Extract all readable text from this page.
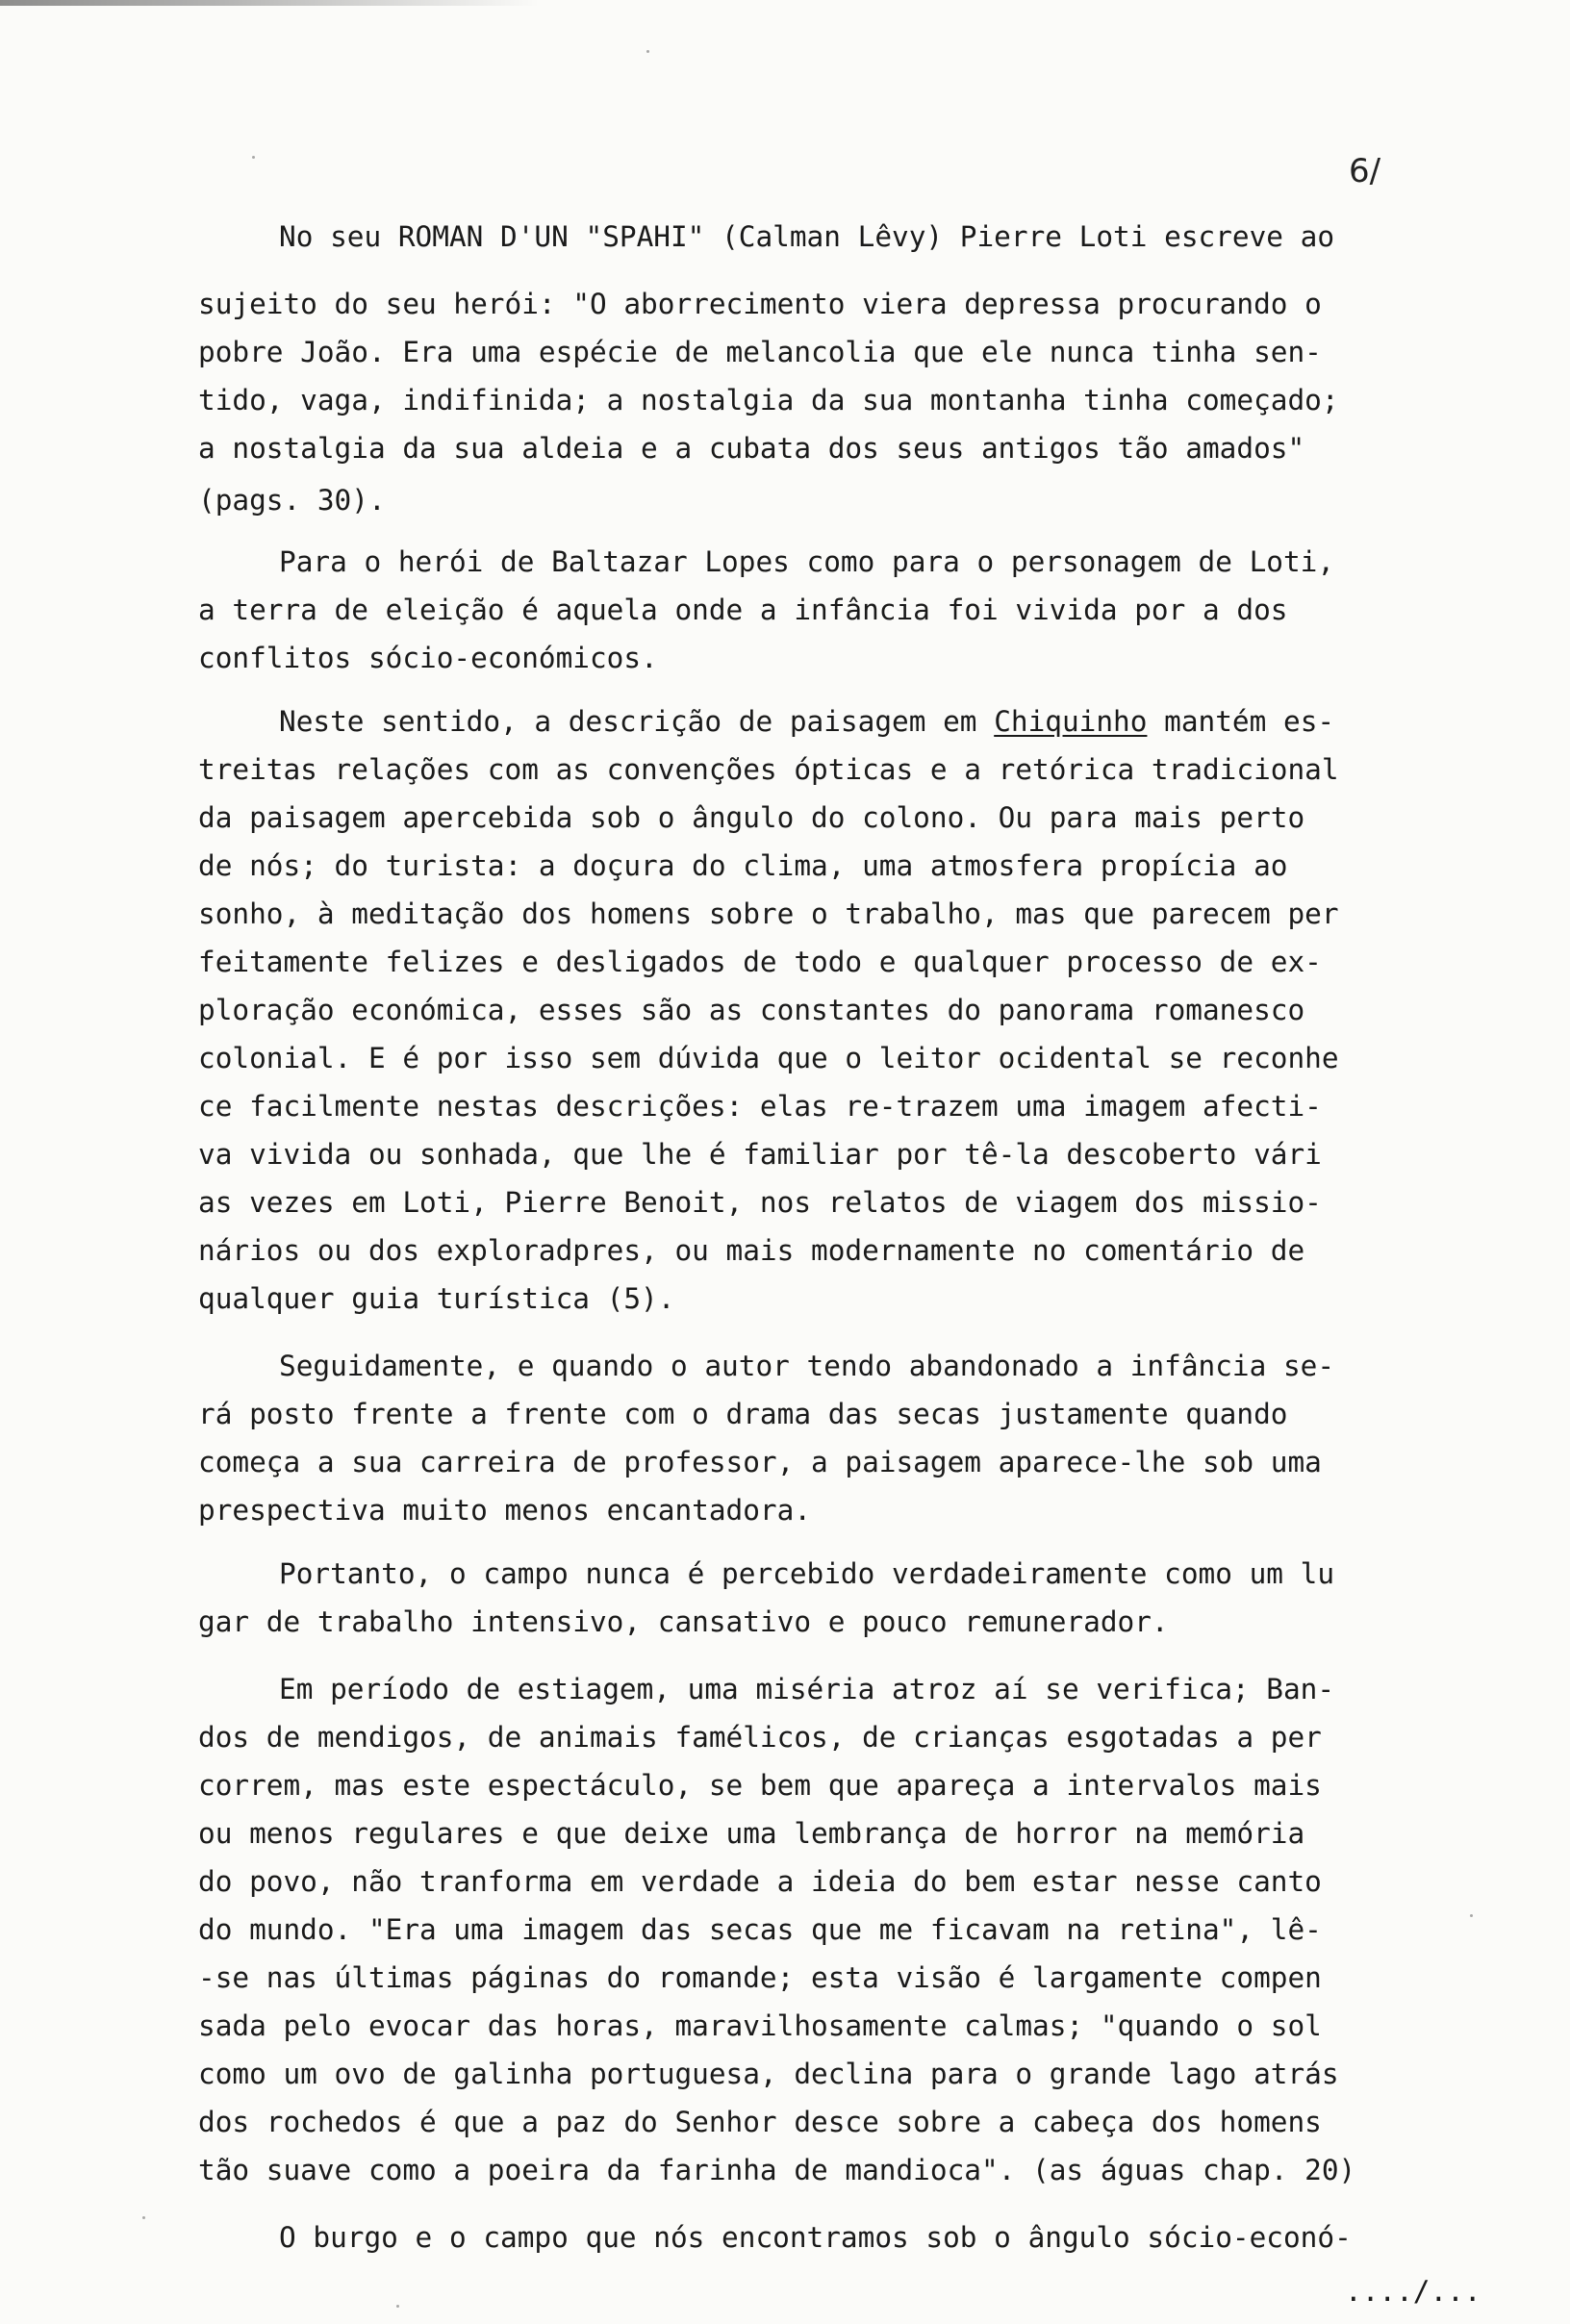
6/
No seu ROMAN D'UN "SPAHI" (Calman Lêvy) Pierre Loti escreve ao
sujeito do seu herói: "O aborrecimento viera depressa procurando o
pobre João. Era uma espécie de melancolia que ele nunca tinha sen-
tido, vaga, indifinida; a nostalgia da sua montanha tinha começado;
a nostalgia da sua aldeia e a cubata dos seus antigos tão amados"
(pags. 30).
Para o herói de Baltazar Lopes como para o personagem de Loti,
a terra de eleição é aquela onde a infância foi vivida por a dos
conflitos sócio-económicos.
Neste sentido, a descrição de paisagem em Chiquinho mantém es-
treitas relações com as convenções ópticas e a retórica tradicional
da paisagem apercebida sob o ângulo do colono. Ou para mais perto
de nós; do turista: a doçura do clima, uma atmosfera propícia ao
sonho, à meditação dos homens sobre o trabalho, mas que parecem per
feitamente felizes e desligados de todo e qualquer processo de ex-
ploração económica, esses são as constantes do panorama romanesco
colonial. E é por isso sem dúvida que o leitor ocidental se reconhe
ce facilmente nestas descrições: elas re-trazem uma imagem afecti-
va vivida ou sonhada, que lhe é familiar por tê-la descoberto vári
as vezes em Loti, Pierre Benoit, nos relatos de viagem dos missio-
nários ou dos exploradpres, ou mais modernamente no comentário de
qualquer guia turística (5).
Seguidamente, e quando o autor tendo abandonado a infância se-
rá posto frente a frente com o drama das secas justamente quando
começa a sua carreira de professor, a paisagem aparece-lhe sob uma
prespectiva muito menos encantadora.
Portanto, o campo nunca é percebido verdadeiramente como um lu
gar de trabalho intensivo, cansativo e pouco remunerador.
Em período de estiagem, uma miséria atroz aí se verifica; Ban-
dos de mendigos, de animais famélicos, de crianças esgotadas a per
correm, mas este espectáculo, se bem que apareça a intervalos mais
ou menos regulares e que deixe uma lembrança de horror na memória
do povo, não tranforma em verdade a ideia do bem estar nesse canto
do mundo. "Era uma imagem das secas que me ficavam na retina", lê-
-se nas últimas páginas do romande; esta visão é largamente compen
sada pelo evocar das horas, maravilhosamente calmas; "quando o sol
como um ovo de galinha portuguesa, declina para o grande lago atrás
dos rochedos é que a paz do Senhor desce sobre a cabeça dos homens
tão suave como a poeira da farinha de mandioca". (as águas chap. 20)
O burgo e o campo que nós encontramos sob o ângulo sócio-econó-
..../...
